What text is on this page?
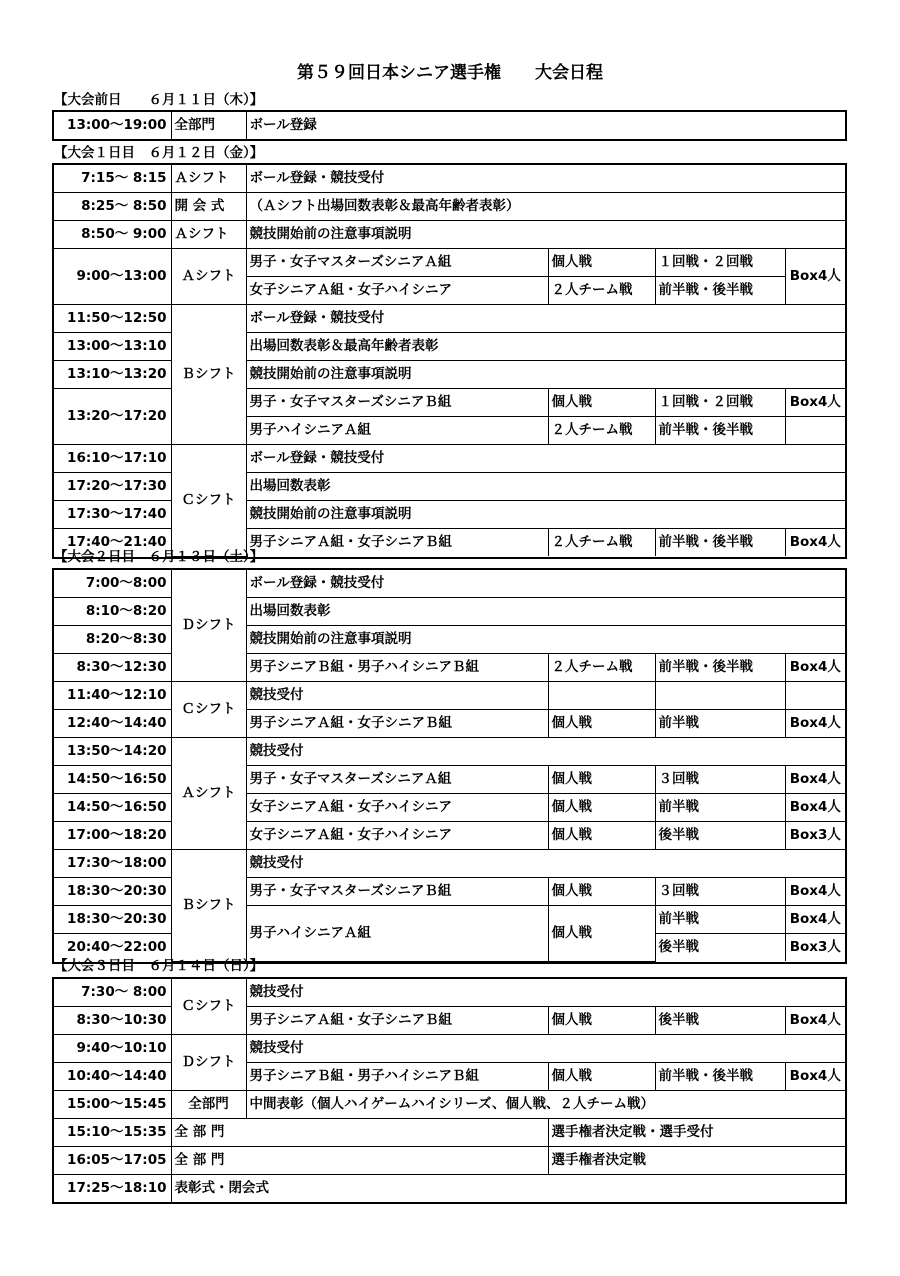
第５９回日本シニア選手権　　大会日程
【大会前日　　６月１１日（木）】
13:00～19:00	全部門	ボール登録
【大会１日目　６月１２日（金）】
7:15～ 8:15	Ａシフト	ボール登録・競技受付			
8:25～ 8:50	開 会 式	（Ａシフト出場回数表彰＆最高年齢者表彰）			
8:50～ 9:00	Ａシフト	競技開始前の注意事項説明			
9:00～13:00	Ａシフト	男子・女子マスターズシニアＡ組	個人戦	１回戦・２回戦	Box4人
		女子シニアＡ組・女子ハイシニア	２人チーム戦	前半戦・後半戦	
11:50～12:50	Ｂシフト	ボール登録・競技受付			
13:00～13:10		出場回数表彰＆最高年齢者表彰			
13:10～13:20		競技開始前の注意事項説明			
13:20～17:20		男子・女子マスターズシニアＢ組	個人戦	１回戦・２回戦	Box4人
		男子ハイシニアＡ組	２人チーム戦	前半戦・後半戦	
16:10～17:10	Ｃシフト	ボール登録・競技受付			
17:20～17:30		出場回数表彰			
17:30～17:40		競技開始前の注意事項説明			
17:40～21:40		男子シニアＡ組・女子シニアＢ組	２人チーム戦	前半戦・後半戦	Box4人
【大会２日目　６月１３日（土）】
7:00～8:00	Ｄシフト	ボール登録・競技受付			
8:10～8:20		出場回数表彰			
8:20～8:30		競技開始前の注意事項説明			
8:30～12:30		男子シニアＢ組・男子ハイシニアＢ組	２人チーム戦	前半戦・後半戦	Box4人
11:40～12:10	Ｃシフト	競技受付			
12:40～14:40		男子シニアＡ組・女子シニアＢ組	個人戦	前半戦	Box4人
13:50～14:20	Ａシフト	競技受付			
14:50～16:50		男子・女子マスターズシニアＡ組	個人戦	３回戦	Box4人
14:50～16:50		女子シニアＡ組・女子ハイシニア	個人戦	前半戦	Box4人
17:00～18:20		女子シニアＡ組・女子ハイシニア	個人戦	後半戦	Box3人
17:30～18:00	Ｂシフト	競技受付			
18:30～20:30		男子・女子マスターズシニアＢ組	個人戦	３回戦	Box4人
18:30～20:30		男子ハイシニアＡ組	個人戦	前半戦	Box4人
20:40～22:00				後半戦	Box3人
【大会３日目　６月１４日（日）】
7:30～ 8:00	Ｃシフト	競技受付			
8:30～10:30		男子シニアＡ組・女子シニアＢ組	個人戦	後半戦	Box4人
9:40～10:10	Ｄシフト	競技受付			
10:40～14:40		男子シニアＢ組・男子ハイシニアＢ組	個人戦	前半戦・後半戦	Box4人
15:00～15:45	全部門	中間表彰（個人ハイゲームハイシリーズ、個人戦、２人チーム戦）			
15:10～15:35	全 部 門		選手権者決定戦・選手受付		
16:05～17:05	全 部 門		選手権者決定戦		
17:25～18:10	表彰式・閉会式				
